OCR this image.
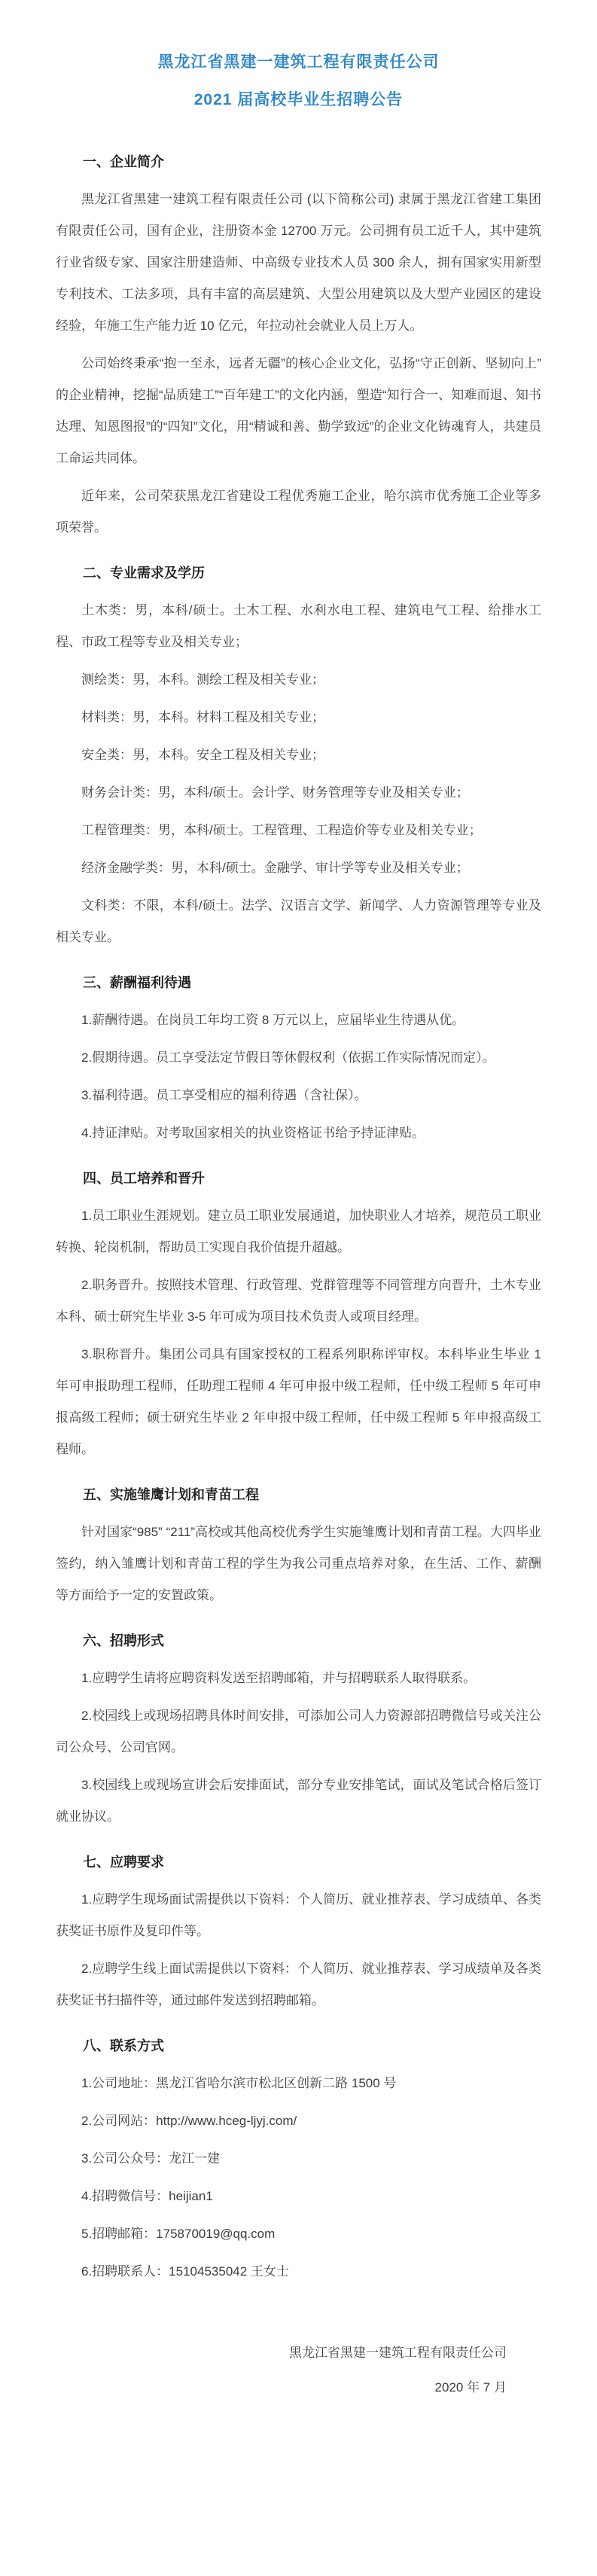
黑龙江省黑建一建筑工程有限责任公司
2021 届高校毕业生招聘公告
一、企业简介

黑龙江省黑建一建筑工程有限责任公司 (以下简称公司) 隶属于黑龙江省建工集团有限责任公司，国有企业，注册资本金 12700 万元。公司拥有员工近千人，其中建筑行业省级专家、国家注册建造师、中高级专业技术人员 300 余人，拥有国家实用新型专利技术、工法多项，具有丰富的高层建筑、大型公用建筑以及大型产业园区的建设经验，年施工生产能力近 10 亿元，年拉动社会就业人员上万人。

公司始终秉承“抱一至永，远者无疆”的核心企业文化，弘扬“守正创新、坚韧向上”的企业精神，挖掘“品质建工”“百年建工”的文化内涵，塑造“知行合一、知难而退、知书达理、知恩图报”的“四知”文化，用“精诚和善、勤学致远”的企业文化铸魂育人，共建员工命运共同体。

近年来，公司荣获黑龙江省建设工程优秀施工企业，哈尔滨市优秀施工企业等多项荣誉。

二、专业需求及学历

土木类：男，本科/硕士。土木工程、水利水电工程、建筑电气工程、给排水工程、市政工程等专业及相关专业；

测绘类：男，本科。测绘工程及相关专业；

材料类：男，本科。材料工程及相关专业；

安全类：男，本科。安全工程及相关专业；

财务会计类：男，本科/硕士。会计学、财务管理等专业及相关专业；

工程管理类：男，本科/硕士。工程管理、工程造价等专业及相关专业；

经济金融学类：男，本科/硕士。金融学、审计学等专业及相关专业；

文科类：不限，本科/硕士。法学、汉语言文学、新闻学、人力资源管理等专业及相关专业。

三、薪酬福利待遇

1.薪酬待遇。在岗员工年均工资 8 万元以上，应届毕业生待遇从优。

2.假期待遇。员工享受法定节假日等休假权利（依据工作实际情况而定）。

3.福利待遇。员工享受相应的福利待遇（含社保）。

4.持证津贴。对考取国家相关的执业资格证书给予持证津贴。

四、员工培养和晋升

1.员工职业生涯规划。建立员工职业发展通道，加快职业人才培养，规范员工职业转换、轮岗机制，帮助员工实现自我价值提升超越。

2.职务晋升。按照技术管理、行政管理、党群管理等不同管理方向晋升，土木专业本科、硕士研究生毕业 3-5 年可成为项目技术负责人或项目经理。

3.职称晋升。集团公司具有国家授权的工程系列职称评审权。本科毕业生毕业 1 年可申报助理工程师，任助理工程师 4 年可申报中级工程师，任中级工程师 5 年可申报高级工程师；硕士研究生毕业 2 年申报中级工程师，任中级工程师 5 年申报高级工程师。

五、实施雏鹰计划和青苗工程

针对国家“985” “211”高校或其他高校优秀学生实施雏鹰计划和青苗工程。大四毕业签约，纳入雏鹰计划和青苗工程的学生为我公司重点培养对象，在生活、工作、薪酬等方面给予一定的安置政策。

六、招聘形式

1.应聘学生请将应聘资料发送至招聘邮箱，并与招聘联系人取得联系。

2.校园线上或现场招聘具体时间安排，可添加公司人力资源部招聘微信号或关注公司公众号、公司官网。

3.校园线上或现场宣讲会后安排面试，部分专业安排笔试，面试及笔试合格后签订就业协议。

七、应聘要求

1.应聘学生现场面试需提供以下资料：个人简历、就业推荐表、学习成绩单、各类获奖证书原件及复印件等。

2.应聘学生线上面试需提供以下资料：个人简历、就业推荐表、学习成绩单及各类获奖证书扫描件等，通过邮件发送到招聘邮箱。

八、联系方式

1.公司地址：黑龙江省哈尔滨市松北区创新二路 1500 号

2.公司网站：http://www.hceg-ljyj.com/

3.公司公众号：龙江一建

4.招聘微信号：heijian1

5.招聘邮箱：175870019@qq.com

6.招聘联系人：15104535042 王女士

黑龙江省黑建一建筑工程有限责任公司
2020 年 7 月
